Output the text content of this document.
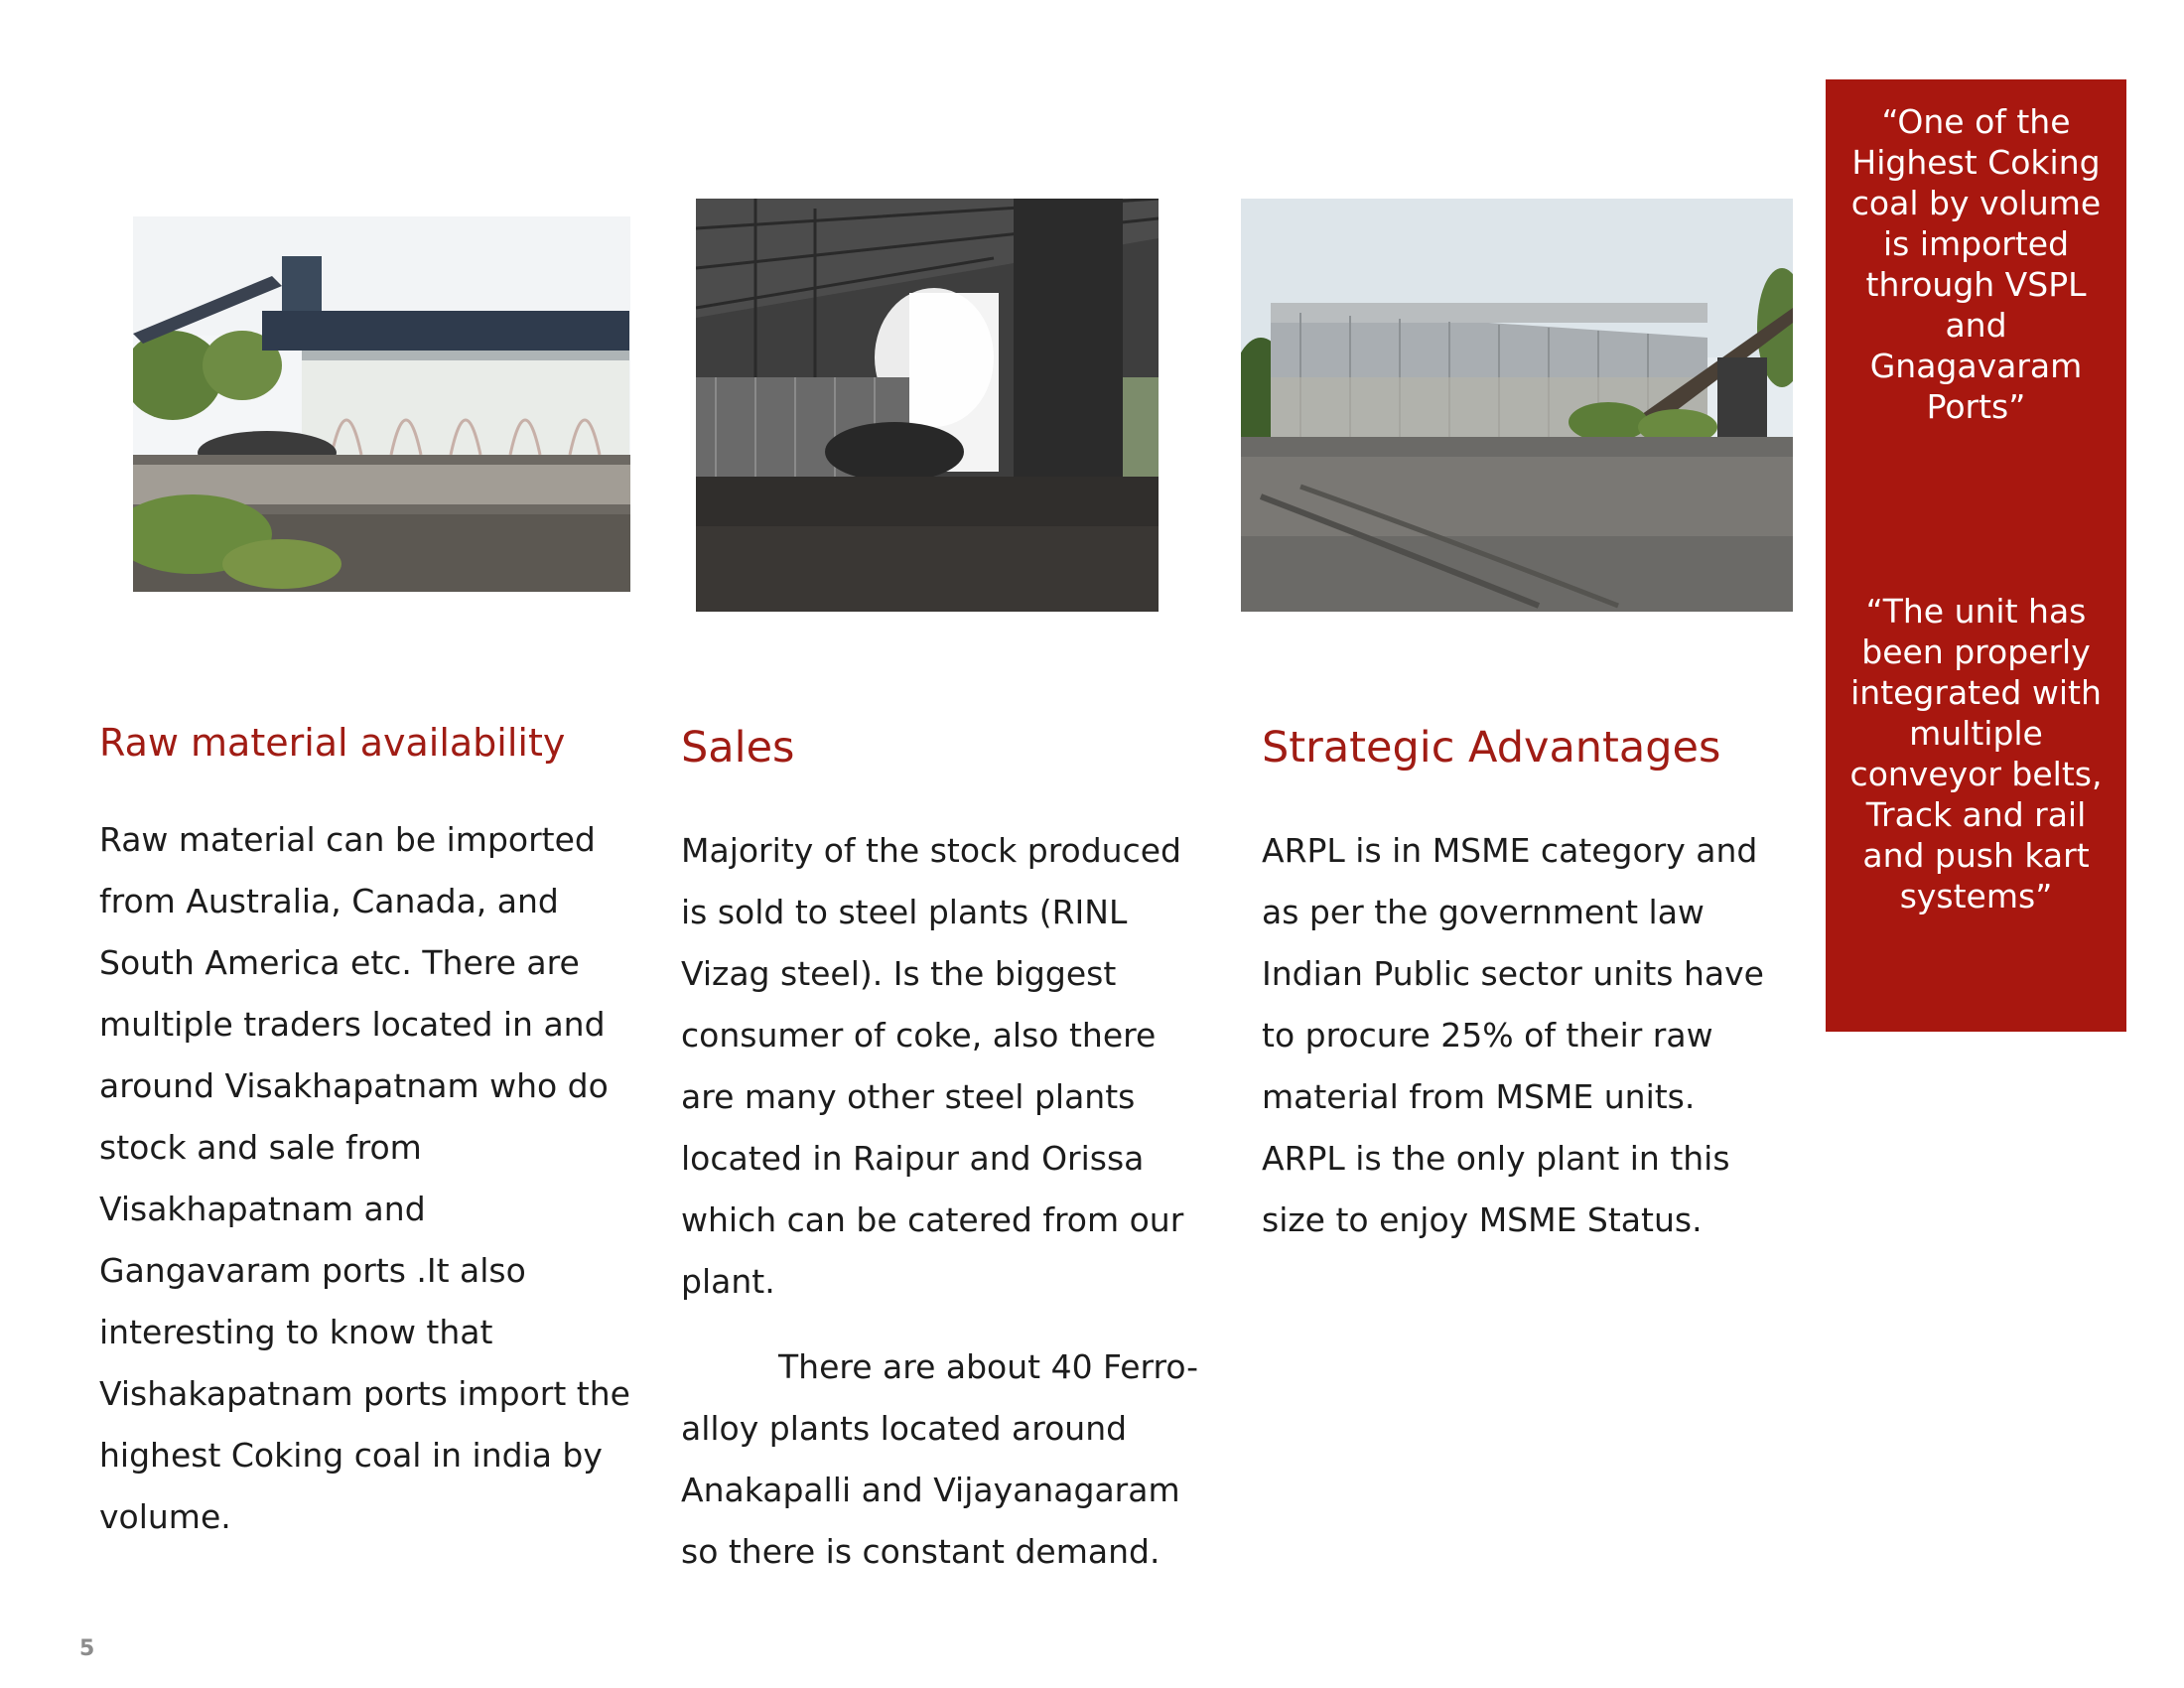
Raw material availability

Raw material can be imported from Australia, Canada, and South America etc. There are multiple traders located in and around Visakhapatnam who do stock and sale from Visakhapatnam and Gangavaram ports .It also interesting to know that Vishakapatnam ports import the highest Coking coal in india by volume.

Sales

Majority of the stock produced is sold to steel plants (RINL Vizag steel). Is the biggest consumer of coke, also there are many other steel plants located in Raipur and Orissa which can be catered from our plant.

There are about 40 Ferro-alloy plants located around Anakapalli and Vijayanagaram so there is constant demand.

Strategic Advantages

ARPL is in MSME category and as per the government law Indian Public sector units have to procure 25% of their raw material from MSME units. ARPL is the only plant in this size to enjoy MSME Status.

“One of the Highest Coking coal by volume is imported through VSPL and Gnagavaram Ports”

“The unit has been properly integrated with multiple conveyor belts, Track and rail and push kart systems”

5
